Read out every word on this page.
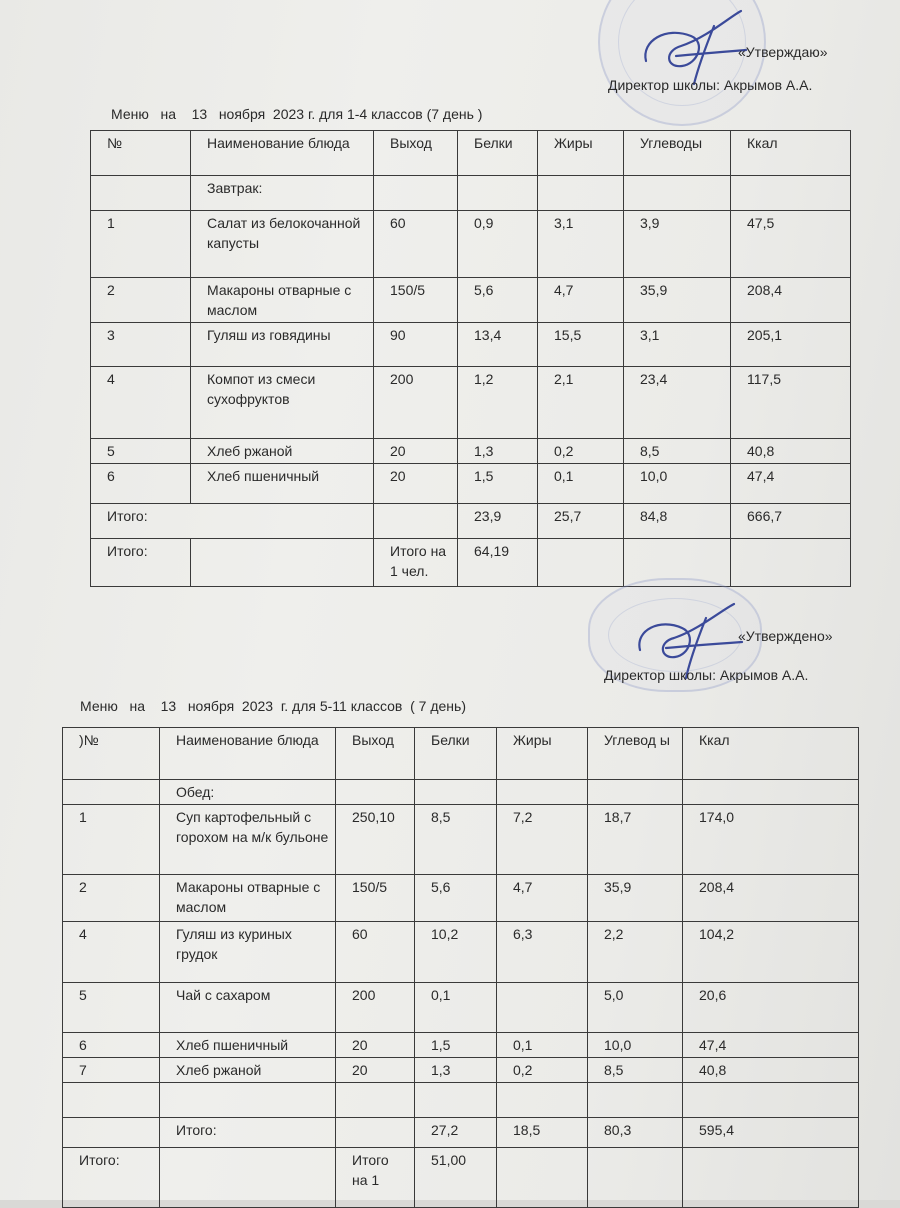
«Утверждаю»
Директор школы: Акрымов А.А.
Меню   на    13   ноября  2023 г. для 1-4 классов (7 день )
№	Наименование блюда	Выход	Белки	Жиры	Углеводы	Ккал
	Завтрак:					
1	Салат из белокочанной капусты	60	0,9	3,1	3,9	47,5
2	Макароны отварные с маслом	150/5	5,6	4,7	35,9	208,4
3	Гуляш из говядины	90	13,4	15,5	3,1	205,1
4	Компот из смеси сухофруктов	200	1,2	2,1	23,4	117,5
5	Хлеб ржаной	20	1,3	0,2	8,5	40,8
6	Хлеб пшеничный	20	1,5	0,1	10,0	47,4
Итого:			23,9	25,7	84,8	666,7
Итого:		Итого на 1 чел.	64,19			
«Утверждено»
Директор школы: Акрымов А.А.
Меню   на    13   ноября  2023  г. для 5-11 классов  ( 7 день)
)№	Наименование блюда	Выход	Белки	Жиры	Углевод ы	Ккал
	Обед:					
1	Суп картофельный с горохом на м/к бульоне	250,10	8,5	7,2	18,7	174,0
2	Макароны отварные с маслом	150/5	5,6	4,7	35,9	208,4
4	Гуляш из куриных грудок	60	10,2	6,3	2,2	104,2
5	Чай с сахаром	200	0,1		5,0	20,6
6	Хлеб пшеничный	20	1,5	0,1	10,0	47,4
7	Хлеб ржаной	20	1,3	0,2	8,5	40,8

	Итого:		27,2	18,5	80,3	595,4
Итого:		Итого на 1	51,00			
